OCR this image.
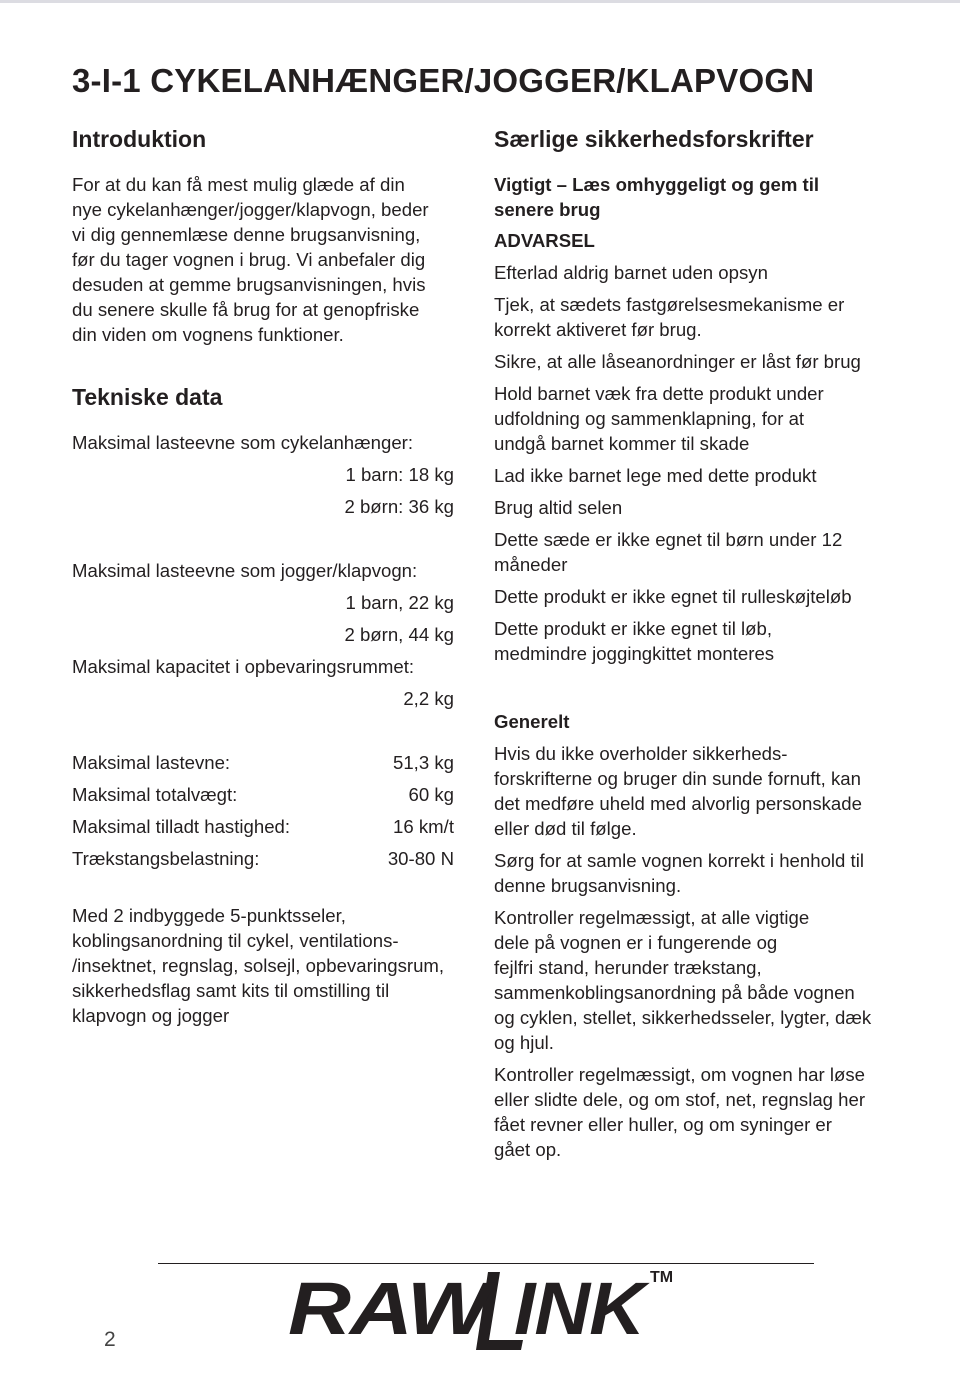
3-I-1 CYKELANHÆNGER/JOGGER/KLAPVOGN
Introduktion

For at du kan få mest mulig glæde af din
nye cykelanhænger/jogger/klapvogn, beder
vi dig gennemlæse denne brugsanvisning,
før du tager vognen i brug. Vi anbefaler dig
desuden at gemme brugsanvisningen, hvis
du senere skulle få brug for at genopfriske
din viden om vognens funktioner.

Tekniske data
Maksimal lasteevne som cykelanhænger:
1 barn: 18 kg
2 børn: 36 kg
Maksimal lasteevne som jogger/klapvogn:
1 barn, 22 kg
2 børn, 44 kg
Maksimal kapacitet i opbevaringsrummet:
2,2 kg
Maksimal lastevne:	51,3 kg
Maksimal totalvægt:	60 kg
Maksimal tilladt hastighed:	16 km/t
Trækstangsbelastning:	30-80 N

Med 2 indbyggede 5-punktsseler,
koblingsanordning til cykel, ventilations-
/insektnet, regnslag, solsejl, opbevaringsrum,
sikkerhedsflag samt kits til omstilling til
klapvogn og jogger

Særlige sikkerhedsforskrifter

Vigtigt – Læs omhyggeligt og gem til
senere brug

ADVARSEL
Efterlad aldrig barnet uden opsyn
Tjek, at sædets fastgørelsesmekanisme er
korrekt aktiveret før brug.
Sikre, at alle låseanordninger er låst før brug
Hold barnet væk fra dette produkt under
udfoldning og sammenklapning, for at
undgå barnet kommer til skade
Lad ikke barnet lege med dette produkt
Brug altid selen
Dette sæde er ikke egnet til børn under 12
måneder
Dette produkt er ikke egnet til rulleskøjteløb
Dette produkt er ikke egnet til løb,
medmindre joggingkittet monteres
Generelt
Hvis du ikke overholder sikkerheds-
forskrifterne og bruger din sunde fornuft, kan
det medføre uheld med alvorlig personskade
eller død til følge.
Sørg for at samle vognen korrekt i henhold til
denne brugsanvisning.
Kontroller regelmæssigt, at alle vigtige
dele på vognen er i fungerende og
fejlfri stand, herunder trækstang,
sammenkoblingsanordning på både vognen
og cyklen, stellet, sikkerhedsseler, lygter, dæk
og hjul.
Kontroller regelmæssigt, om vognen har løse
eller slidte dele, og om stof, net, regnslag her
fået revner eller huller, og om syninger er
gået op.
RAW INK TM
2
